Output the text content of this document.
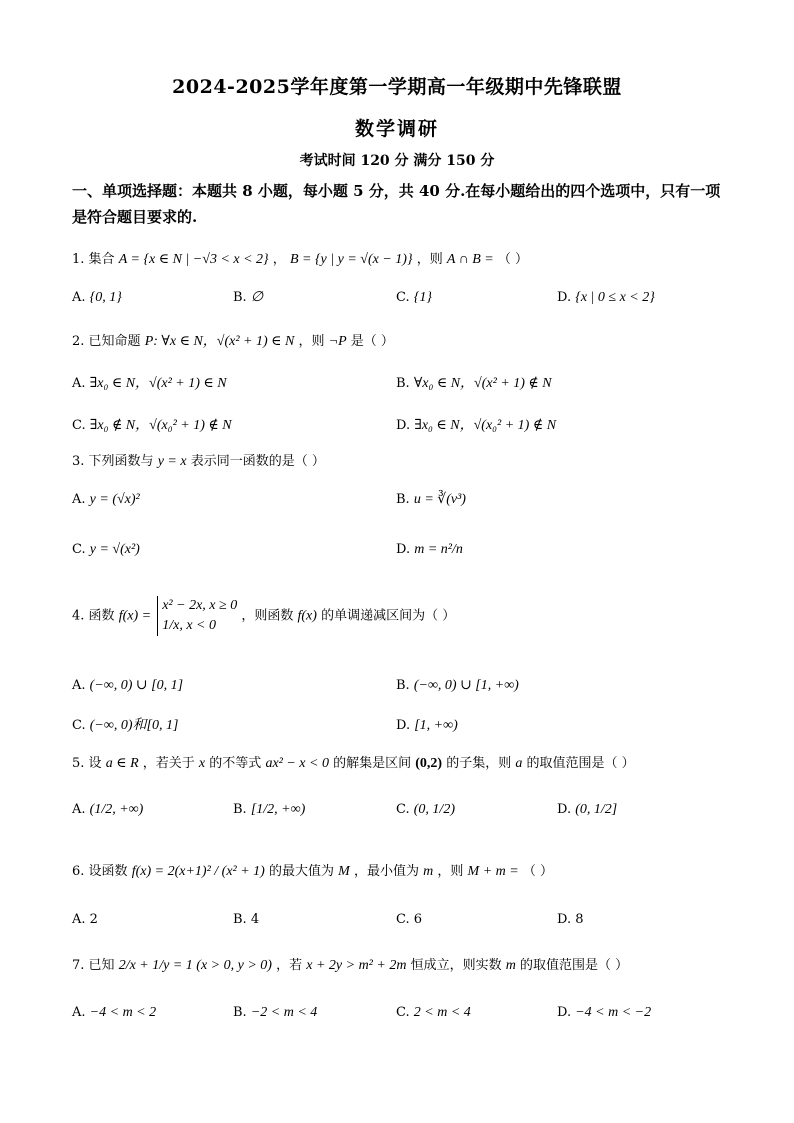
2024-2025学年度第一学期高一年级期中先锋联盟
数学调研
考试时间 120 分 满分 150 分
一、单项选择题：本题共 8 小题，每小题 5 分，共 40 分.在每小题给出的四个选项中，只有一项是符合题目要求的.
1. 集合 A = {x ∈ N | −√3 < x < 2} ， B = {y | y = √(x − 1)} ，则 A ∩ B = （ ）
A. {0, 1}	B. ∅	C. {1}	D. {x | 0 ≤ x < 2}
2. 已知命题 P: ∀x ∈ N，√(x² + 1) ∈ N ，则 ¬P 是（ ）
A. ∃x₀ ∈ N，√(x² + 1) ∈ N	B. ∀x₀ ∈ N，√(x² + 1) ∉ N
C. ∃x₀ ∉ N，√(x₀² + 1) ∉ N	D. ∃x₀ ∈ N，√(x₀² + 1) ∉ N
3. 下列函数与 y = x 表示同一函数的是（ ）
A. y = (√x)²	B. u = ∛(v³)
C. y = √(x²)	D. m = n²/n
4. 函数 f(x) =
x² − 2x, x ≥ 0
1/x, x < 0
，则函数 f(x) 的单调递减区间为（ ）
A. (−∞, 0) ∪ [0, 1]	B. (−∞, 0) ∪ [1, +∞)
C. (−∞, 0)和[0, 1]	D. [1, +∞)
5. 设 a ∈ R ，若关于 x 的不等式 ax² − x < 0 的解集是区间 (0,2) 的子集，则 a 的取值范围是（ ）
A. (1/2, +∞)	B. [1/2, +∞)	C. (0, 1/2)	D. (0, 1/2]
6. 设函数 f(x) = 2(x+1)² / (x² + 1) 的最大值为 M ，最小值为 m ，则 M + m = （ ）
A. 2	B. 4	C. 6	D. 8
7. 已知 2/x + 1/y = 1 (x > 0, y > 0) ，若 x + 2y > m² + 2m 恒成立，则实数 m 的取值范围是（ ）
A. −4 < m < 2	B. −2 < m < 4	C. 2 < m < 4	D. −4 < m < −2
